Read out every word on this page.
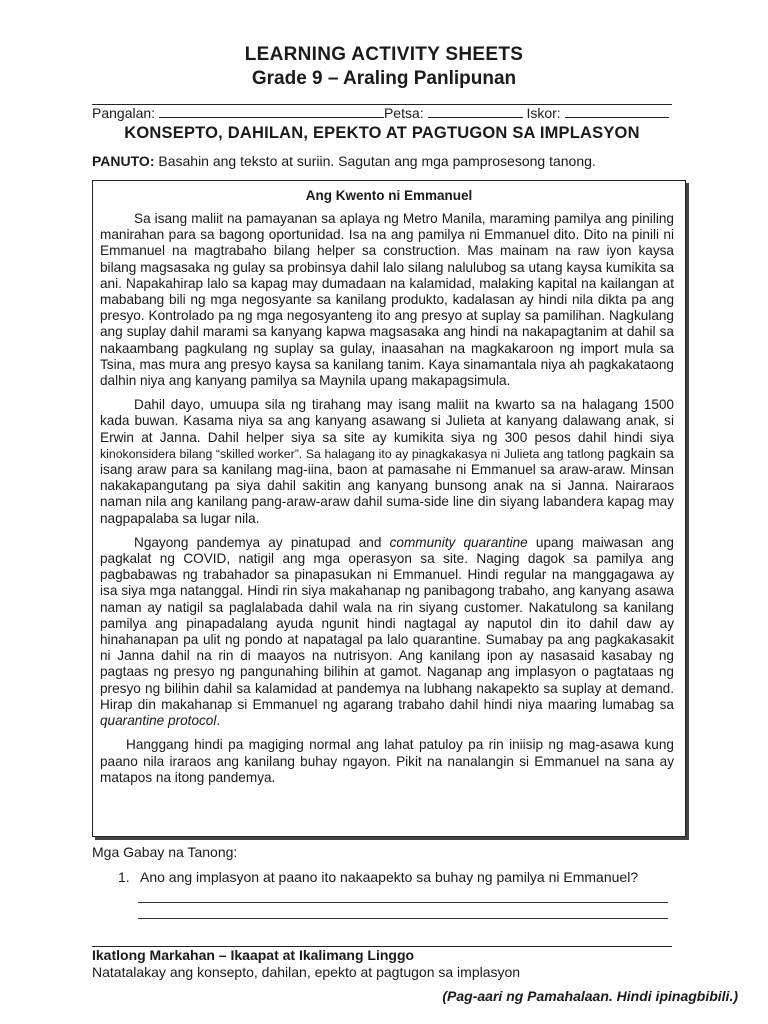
LEARNING ACTIVITY SHEETS
Grade 9 – Araling Panlipunan
Pangalan:	Petsa:	Iskor:
KONSEPTO, DAHILAN, EPEKTO AT PAGTUGON SA IMPLASYON
PANUTO: Basahin ang teksto at suriin. Sagutan ang mga pamprosesong tanong.
Ang Kwento ni Emmanuel

Sa isang maliit na pamayanan sa aplaya ng Metro Manila, maraming pamilya ang piniling manirahan para sa bagong oportunidad. Isa na ang pamilya ni Emmanuel dito. Dito na pinili ni Emmanuel na magtrabaho bilang helper sa construction. Mas mainam na raw iyon kaysa bilang magsasaka ng gulay sa probinsya dahil lalo silang nalulubog sa utang kaysa kumikita sa ani. Napakahirap lalo sa kapag may dumadaan na kalamidad, malaking kapital na kailangan at mababang bili ng mga negosyante sa kanilang produkto, kadalasan ay hindi nila dikta pa ang presyo. Kontrolado pa ng mga negosyanteng ito ang presyo at suplay sa pamilihan. Nagkulang ang suplay dahil marami sa kanyang kapwa magsasaka ang hindi na nakapagtanim at dahil sa nakaambang pagkulang ng suplay sa gulay, inaasahan na magkakaroon ng import mula sa Tsina, mas mura ang presyo kaysa sa kanilang tanim. Kaya sinamantala niya ah pagkakataong dalhin niya ang kanyang pamilya sa Maynila upang makapagsimula.

Dahil dayo, umuupa sila ng tirahang may isang maliit na kwarto sa na halagang 1500 kada buwan. Kasama niya sa ang kanyang asawang si Julieta at kanyang dalawang anak, si Erwin at Janna. Dahil helper siya sa site ay kumikita siya ng 300 pesos dahil hindi siya kinokonsidera bilang “skilled worker”. Sa halagang ito ay pinagkakasya ni Julieta ang tatlong pagkain sa isang araw para sa kanilang mag-iina, baon at pamasahe ni Emmanuel sa araw-araw. Minsan nakakapangutang pa siya dahil sakitin ang kanyang bunsong anak na si Janna. Nairaraos naman nila ang kanilang pang-araw-araw dahil suma-side line din siyang labandera kapag may nagpapalaba sa lugar nila.

Ngayong pandemya ay pinatupad and community quarantine upang maiwasan ang pagkalat ng COVID, natigil ang mga operasyon sa site. Naging dagok sa pamilya ang pagbabawas ng trabahador sa pinapasukan ni Emmanuel. Hindi regular na manggagawa ay isa siya mga natanggal. Hindi rin siya makahanap ng panibagong trabaho, ang kanyang asawa naman ay natigil sa paglalabada dahil wala na rin siyang customer. Nakatulong sa kanilang pamilya ang pinapadalang ayuda ngunit hindi nagtagal ay naputol din ito dahil daw ay hinahanapan pa ulit ng pondo at napatagal pa lalo quarantine. Sumabay pa ang pagkakasakit ni Janna dahil na rin di maayos na nutrisyon. Ang kanilang ipon ay nasasaid kasabay ng pagtaas ng presyo ng pangunahing bilihin at gamot. Naganap ang implasyon o pagtataas ng presyo ng bilihin dahil sa kalamidad at pandemya na lubhang nakapekto sa suplay at demand. Hirap din makahanap si Emmanuel ng agarang trabaho dahil hindi niya maaring lumabag sa quarantine protocol.

Hanggang hindi pa magiging normal ang lahat patuloy pa rin iniisip ng mag-asawa kung paano nila iraraos ang kanilang buhay ngayon. Pikit na nanalangin si Emmanuel na sana ay matapos na itong pandemya.

Mga Gabay na Tanong:
1. Ano ang implasyon at paano ito nakaapekto sa buhay ng pamilya ni Emmanuel?
Ikatlong Markahan – Ikaapat at Ikalimang Linggo
Natatalakay ang konsepto, dahilan, epekto at pagtugon sa implasyon
(Pag-aari ng Pamahalaan. Hindi ipinagbibili.)
